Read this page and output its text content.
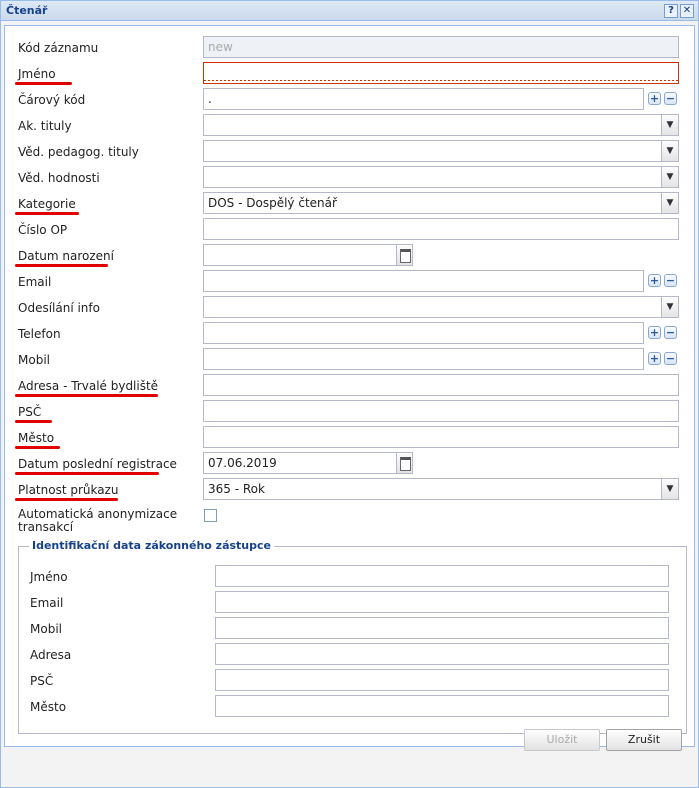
Čtenář	? ✕
Kód záznamu	new
Jméno
Čárový kód	.	+ −
Ak. tituly	▼
Věd. pedagog. tituly	▼
Věd. hodnosti	▼
Kategorie	DOS - Dospělý čtenář	▼
Číslo OP
Datum narození
Email	+ −
Odesílání info	▼
Telefon	+ −
Mobil	+ −
Adresa - Trvalé bydliště
PSČ
Město
Datum poslední registrace	07.06.2019
Platnost průkazu	365 - Rok	▼
Automatická anonymizace
transakcí
Identifikační data zákonného zástupce
Jméno
Email
Mobil
Adresa
PSČ
Město
Uložit	Zrušit
